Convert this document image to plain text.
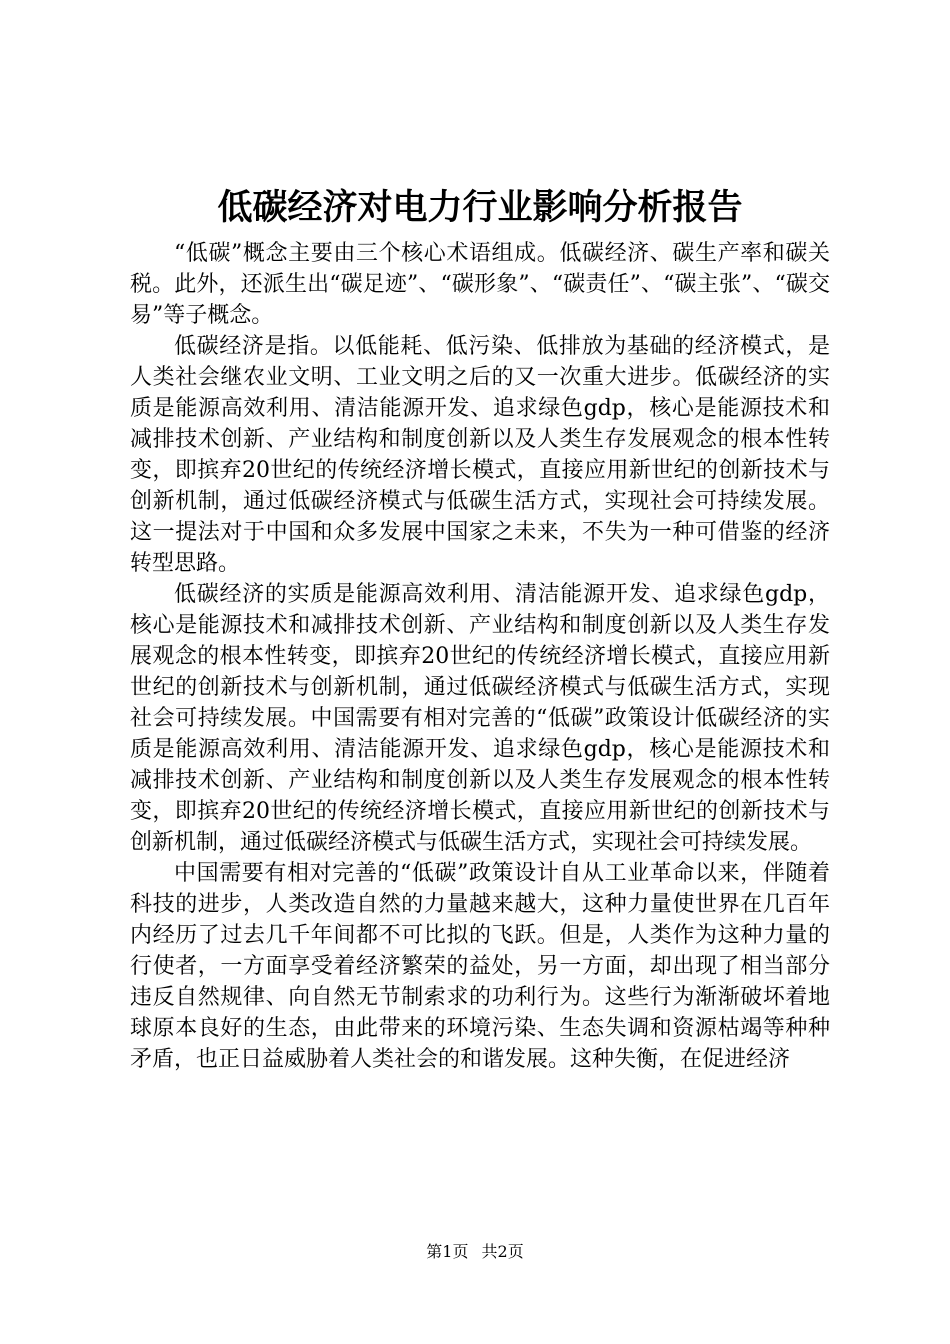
低碳经济对电力行业影响分析报告

“低碳”概念主要由三个核心术语组成。低碳经济、碳生产率和碳关税。此外，还派生出“碳足迹”、“碳形象”、“碳责任”、“碳主张”、“碳交易”等子概念。

低碳经济是指。以低能耗、低污染、低排放为基础的经济模式，是人类社会继农业文明、工业文明之后的又一次重大进步。低碳经济的实质是能源高效利用、清洁能源开发、追求绿色gdp，核心是能源技术和减排技术创新、产业结构和制度创新以及人类生存发展观念的根本性转变，即摈弃20世纪的传统经济增长模式，直接应用新世纪的创新技术与创新机制，通过低碳经济模式与低碳生活方式，实现社会可持续发展。这一提法对于中国和众多发展中国家之未来，不失为一种可借鉴的经济转型思路。

低碳经济的实质是能源高效利用、清洁能源开发、追求绿色gdp，核心是能源技术和减排技术创新、产业结构和制度创新以及人类生存发展观念的根本性转变，即摈弃20世纪的传统经济增长模式，直接应用新世纪的创新技术与创新机制，通过低碳经济模式与低碳生活方式，实现社会可持续发展。中国需要有相对完善的“低碳”政策设计低碳经济的实质是能源高效利用、清洁能源开发、追求绿色gdp，核心是能源技术和减排技术创新、产业结构和制度创新以及人类生存发展观念的根本性转变，即摈弃20世纪的传统经济增长模式，直接应用新世纪的创新技术与创新机制，通过低碳经济模式与低碳生活方式，实现社会可持续发展。

中国需要有相对完善的“低碳”政策设计自从工业革命以来，伴随着科技的进步，人类改造自然的力量越来越大，这种力量使世界在几百年内经历了过去几千年间都不可比拟的飞跃。但是，人类作为这种力量的行使者，一方面享受着经济繁荣的益处，另一方面，却出现了相当部分违反自然规律、向自然无节制索求的功利行为。这些行为渐渐破坏着地球原本良好的生态，由此带来的环境污染、生态失调和资源枯竭等种种矛盾，也正日益威胁着人类社会的和谐发展。这种失衡，在促进经济

第1页 共2页
